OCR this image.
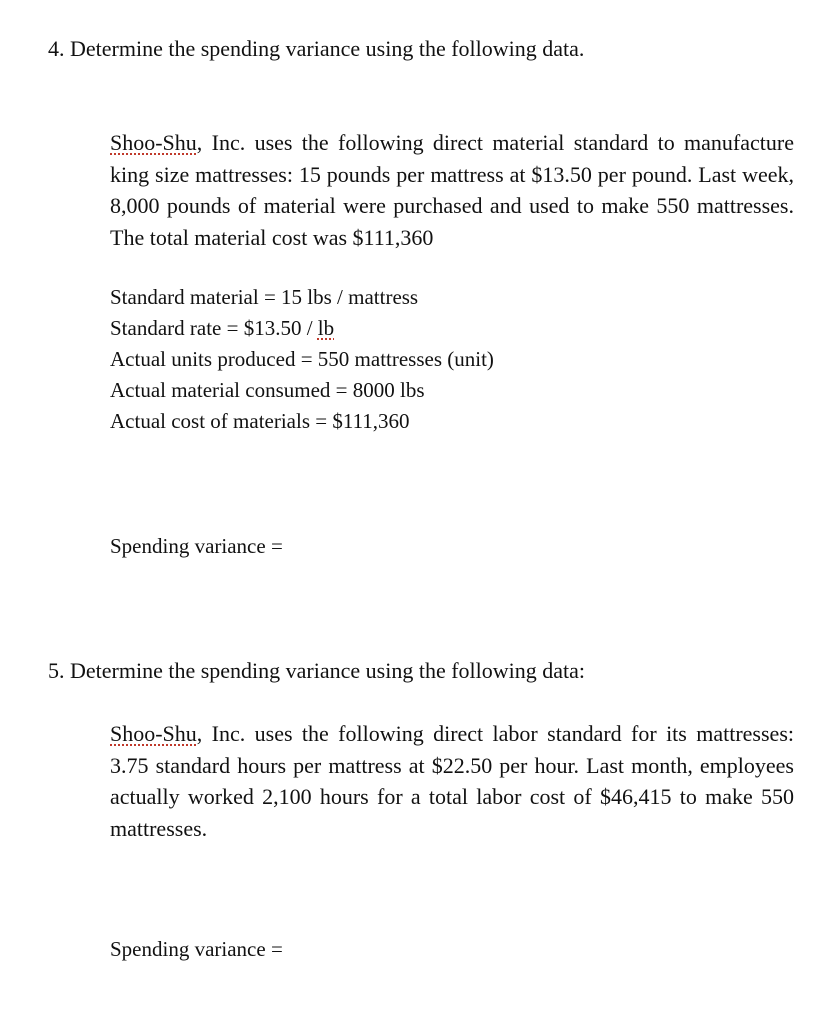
4. Determine the spending variance using the following data.
Shoo-Shu, Inc. uses the following direct material standard to manufacture king size mattresses: 15 pounds per mattress at $13.50 per pound. Last week, 8,000 pounds of material were purchased and used to make 550 mattresses. The total material cost was $111,360
Standard material = 15 lbs / mattress
Standard rate = $13.50 / lb
Actual units produced = 550 mattresses (unit)
Actual material consumed = 8000 lbs
Actual cost of materials = $111,360
Spending variance =
5. Determine the spending variance using the following data:
Shoo-Shu, Inc. uses the following direct labor standard for its mattresses: 3.75 standard hours per mattress at $22.50 per hour. Last month, employees actually worked 2,100 hours for a total labor cost of $46,415 to make 550 mattresses.
Spending variance =
